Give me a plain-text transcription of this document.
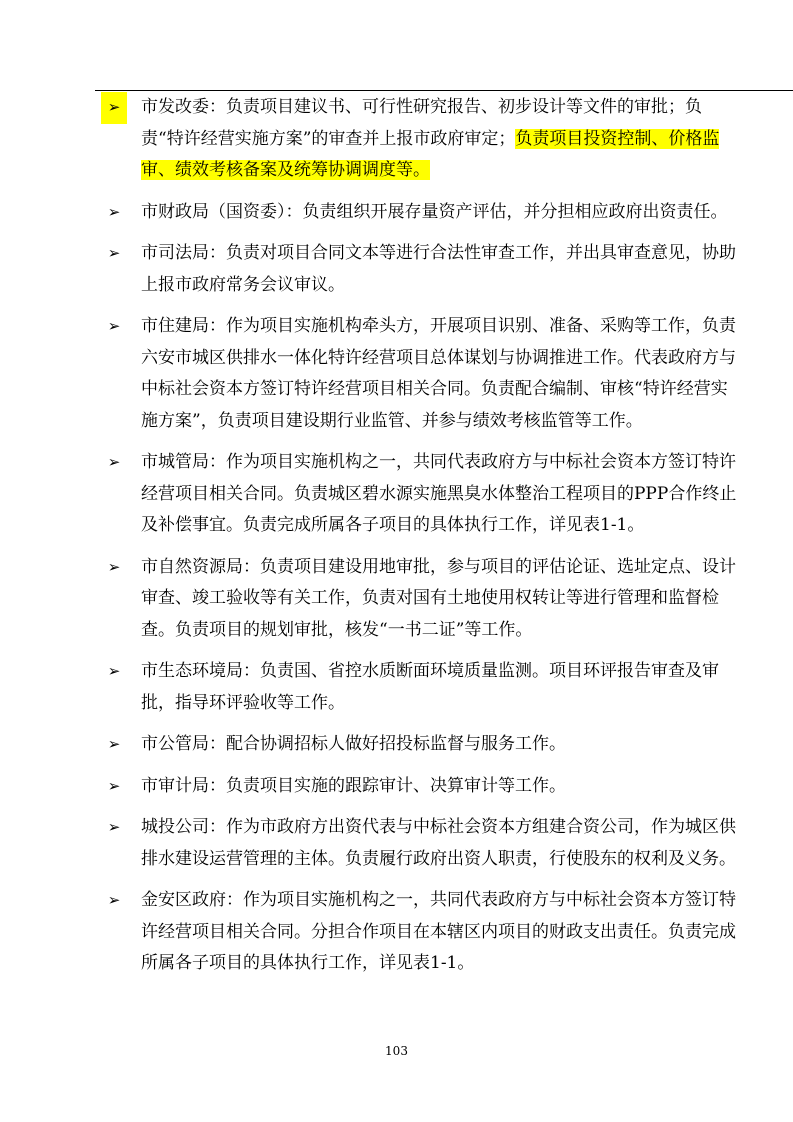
➢	市发改委：负责项目建议书、可行性研究报告、初步设计等文件的审批；负责“特许经营实施方案”的审查并上报市政府审定；负责项目投资控制、价格监审、绩效考核备案及统筹协调调度等。
➢	市财政局（国资委）：负责组织开展存量资产评估，并分担相应政府出资责任。
➢	市司法局：负责对项目合同文本等进行合法性审查工作，并出具审查意见，协助上报市政府常务会议审议。
➢	市住建局：作为项目实施机构牵头方，开展项目识别、准备、采购等工作，负责六安市城区供排水一体化特许经营项目总体谋划与协调推进工作。代表政府方与中标社会资本方签订特许经营项目相关合同。负责配合编制、审核“特许经营实施方案”，负责项目建设期行业监管、并参与绩效考核监管等工作。
➢	市城管局：作为项目实施机构之一，共同代表政府方与中标社会资本方签订特许经营项目相关合同。负责城区碧水源实施黑臭水体整治工程项目的PPP合作终止及补偿事宜。负责完成所属各子项目的具体执行工作，详见表1-1。
➢	市自然资源局：负责项目建设用地审批，参与项目的评估论证、选址定点、设计审查、竣工验收等有关工作，负责对国有土地使用权转让等进行管理和监督检查。负责项目的规划审批，核发“一书二证”等工作。
➢	市生态环境局：负责国、省控水质断面环境质量监测。项目环评报告审查及审批，指导环评验收等工作。
➢	市公管局：配合协调招标人做好招投标监督与服务工作。
➢	市审计局：负责项目实施的跟踪审计、决算审计等工作。
➢	城投公司：作为市政府方出资代表与中标社会资本方组建合资公司，作为城区供排水建设运营管理的主体。负责履行政府出资人职责，行使股东的权利及义务。
➢	金安区政府：作为项目实施机构之一，共同代表政府方与中标社会资本方签订特许经营项目相关合同。分担合作项目在本辖区内项目的财政支出责任。负责完成所属各子项目的具体执行工作，详见表1-1。
103
